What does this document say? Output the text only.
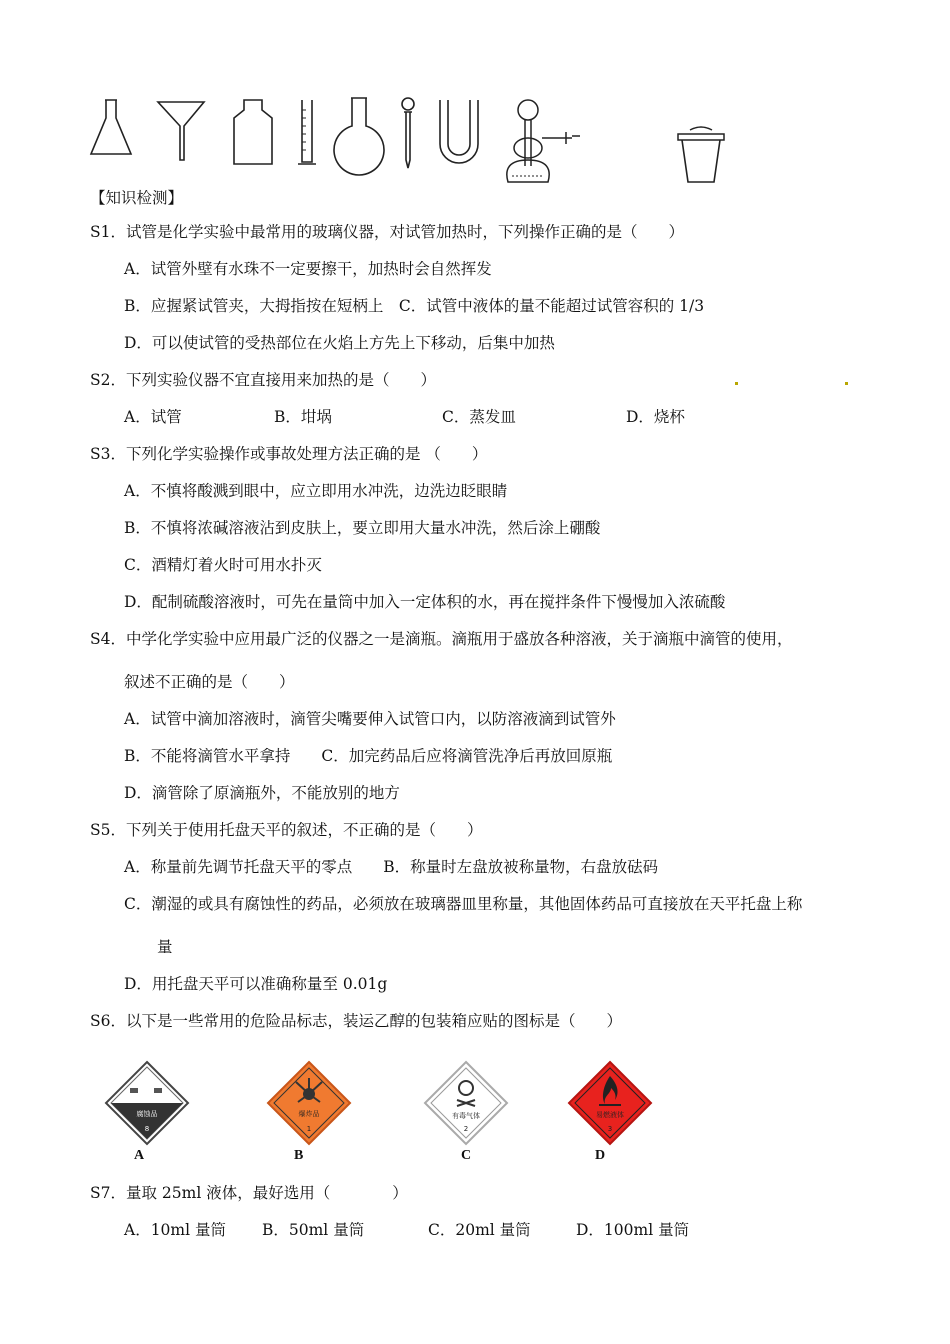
【知识检测】
S1．试管是化学实验中最常用的玻璃仪器，对试管加热时，下列操作正确的是（　　）
A．试管外壁有水珠不一定要擦干，加热时会自然挥发
B．应握紧试管夹，大拇指按在短柄上　C．试管中液体的量不能超过试管容积的 1/3
D．可以使试管的受热部位在火焰上方先上下移动，后集中加热
S2．下列实验仪器不宜直接用来加热的是（　　）
A．试管	B．坩埚	C．蒸发皿	D．烧杯
S3．下列化学实验操作或事故处理方法正确的是 （　　）
A．不慎将酸溅到眼中，应立即用水冲洗，边洗边眨眼睛
B．不慎将浓碱溶液沾到皮肤上，要立即用大量水冲洗，然后涂上硼酸
C．酒精灯着火时可用水扑灭
D．配制硫酸溶液时，可先在量筒中加入一定体积的水，再在搅拌条件下慢慢加入浓硫酸
S4．中学化学实验中应用最广泛的仪器之一是滴瓶。滴瓶用于盛放各种溶液，关于滴瓶中滴管的使用，
叙述不正确的是（　　）
A．试管中滴加溶液时，滴管尖嘴要伸入试管口内，以防溶液滴到试管外
B．不能将滴管水平拿持　　C．加完药品后应将滴管洗净后再放回原瓶
D．滴管除了原滴瓶外，不能放别的地方
S5．下列关于使用托盘天平的叙述，不正确的是（　　）
A．称量前先调节托盘天平的零点　　B．称量时左盘放被称量物，右盘放砝码
C．潮湿的或具有腐蚀性的药品，必须放在玻璃器皿里称量，其他固体药品可直接放在天平托盘上称
量
D．用托盘天平可以准确称量至 0.01g
S6．以下是一些常用的危险品标志，装运乙醇的包装箱应贴的图标是（　　）
腐蚀品
8
A
爆炸品
1
B
有毒气体
2
C
易燃液体
3
D
S7．量取 25ml 液体，最好选用（　　　　）
A．10ml 量筒 B．50ml 量筒	C．20ml 量筒	D．100ml 量筒
